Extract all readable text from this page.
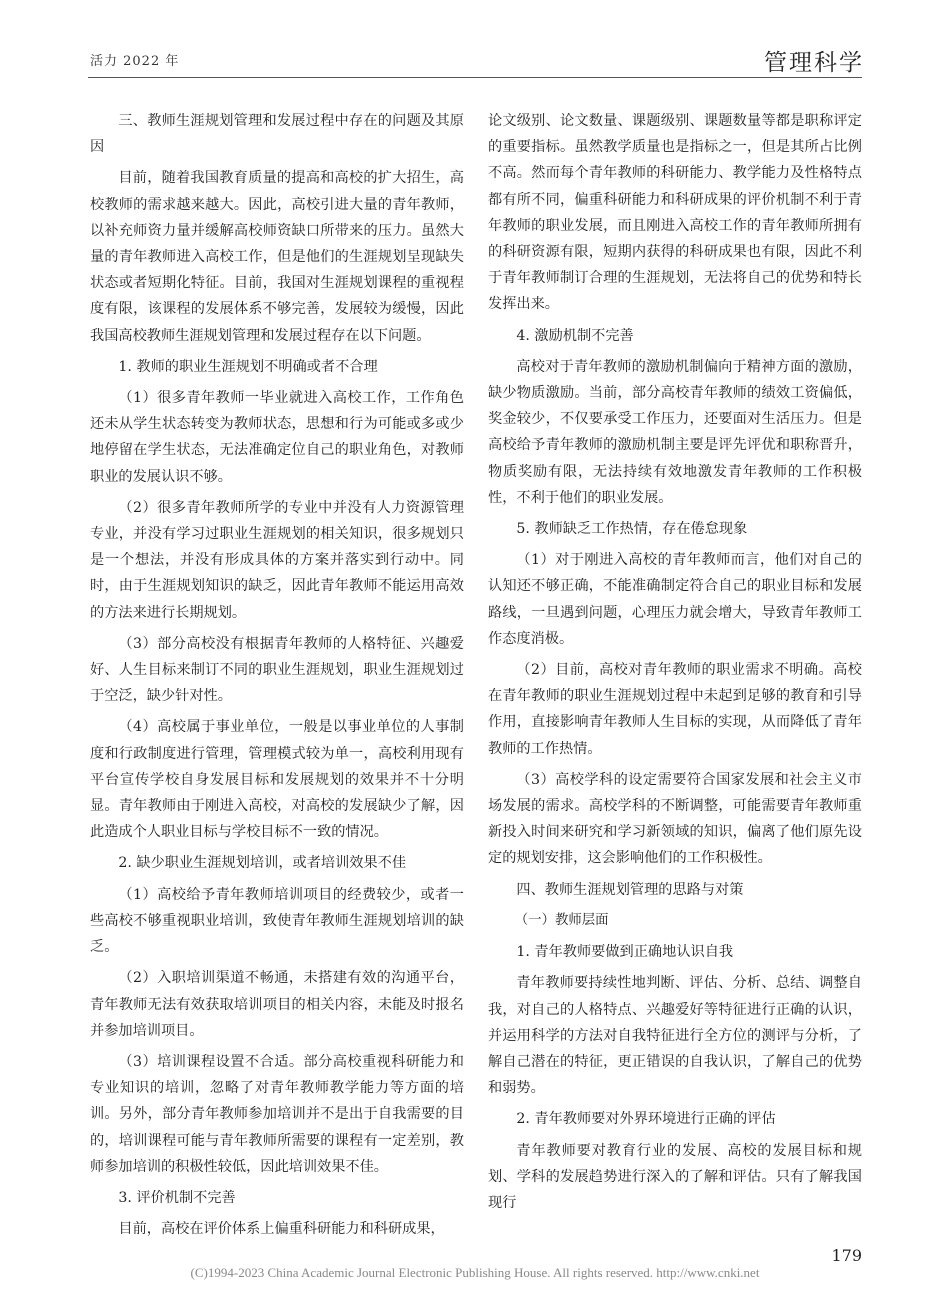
活力 2022 年	管理科学

三、教师生涯规划管理和发展过程中存在的问题及其原因

目前，随着我国教育质量的提高和高校的扩大招生，高校教师的需求越来越大。因此，高校引进大量的青年教师，以补充师资力量并缓解高校师资缺口所带来的压力。虽然大量的青年教师进入高校工作，但是他们的生涯规划呈现缺失状态或者短期化特征。目前，我国对生涯规划课程的重视程度有限，该课程的发展体系不够完善，发展较为缓慢，因此我国高校教师生涯规划管理和发展过程存在以下问题。

1. 教师的职业生涯规划不明确或者不合理

（1）很多青年教师一毕业就进入高校工作，工作角色还未从学生状态转变为教师状态，思想和行为可能或多或少地停留在学生状态，无法准确定位自己的职业角色，对教师职业的发展认识不够。

（2）很多青年教师所学的专业中并没有人力资源管理专业，并没有学习过职业生涯规划的相关知识，很多规划只是一个想法，并没有形成具体的方案并落实到行动中。同时，由于生涯规划知识的缺乏，因此青年教师不能运用高效的方法来进行长期规划。

（3）部分高校没有根据青年教师的人格特征、兴趣爱好、人生目标来制订不同的职业生涯规划，职业生涯规划过于空泛，缺少针对性。

（4）高校属于事业单位，一般是以事业单位的人事制度和行政制度进行管理，管理模式较为单一，高校利用现有平台宣传学校自身发展目标和发展规划的效果并不十分明显。青年教师由于刚进入高校，对高校的发展缺少了解，因此造成个人职业目标与学校目标不一致的情况。

2. 缺少职业生涯规划培训，或者培训效果不佳

（1）高校给予青年教师培训项目的经费较少，或者一些高校不够重视职业培训，致使青年教师生涯规划培训的缺乏。

（2）入职培训渠道不畅通，未搭建有效的沟通平台，青年教师无法有效获取培训项目的相关内容，未能及时报名并参加培训项目。

（3）培训课程设置不合适。部分高校重视科研能力和专业知识的培训，忽略了对青年教师教学能力等方面的培训。另外，部分青年教师参加培训并不是出于自我需要的目的，培训课程可能与青年教师所需要的课程有一定差别，教师参加培训的积极性较低，因此培训效果不佳。

3. 评价机制不完善

目前，高校在评价体系上偏重科研能力和科研成果，

论文级别、论文数量、课题级别、课题数量等都是职称评定的重要指标。虽然教学质量也是指标之一，但是其所占比例不高。然而每个青年教师的科研能力、教学能力及性格特点都有所不同，偏重科研能力和科研成果的评价机制不利于青年教师的职业发展，而且刚进入高校工作的青年教师所拥有的科研资源有限，短期内获得的科研成果也有限，因此不利于青年教师制订合理的生涯规划，无法将自己的优势和特长发挥出来。

4. 激励机制不完善

高校对于青年教师的激励机制偏向于精神方面的激励，缺少物质激励。当前，部分高校青年教师的绩效工资偏低，奖金较少，不仅要承受工作压力，还要面对生活压力。但是高校给予青年教师的激励机制主要是评先评优和职称晋升，物质奖励有限，无法持续有效地激发青年教师的工作积极性，不利于他们的职业发展。

5. 教师缺乏工作热情，存在倦怠现象

（1）对于刚进入高校的青年教师而言，他们对自己的认知还不够正确，不能准确制定符合自己的职业目标和发展路线，一旦遇到问题，心理压力就会增大，导致青年教师工作态度消极。

（2）目前，高校对青年教师的职业需求不明确。高校在青年教师的职业生涯规划过程中未起到足够的教育和引导作用，直接影响青年教师人生目标的实现，从而降低了青年教师的工作热情。

（3）高校学科的设定需要符合国家发展和社会主义市场发展的需求。高校学科的不断调整，可能需要青年教师重新投入时间来研究和学习新领域的知识，偏离了他们原先设定的规划安排，这会影响他们的工作积极性。

四、教师生涯规划管理的思路与对策

（一）教师层面

1. 青年教师要做到正确地认识自我

青年教师要持续性地判断、评估、分析、总结、调整自我，对自己的人格特点、兴趣爱好等特征进行正确的认识，并运用科学的方法对自我特征进行全方位的测评与分析，了解自己潜在的特征，更正错误的自我认识，了解自己的优势和弱势。

2. 青年教师要对外界环境进行正确的评估

青年教师要对教育行业的发展、高校的发展目标和规划、学科的发展趋势进行深入的了解和评估。只有了解我国现行

179
(C)1994-2023 China Academic Journal Electronic Publishing House. All rights reserved. http://www.cnki.net
